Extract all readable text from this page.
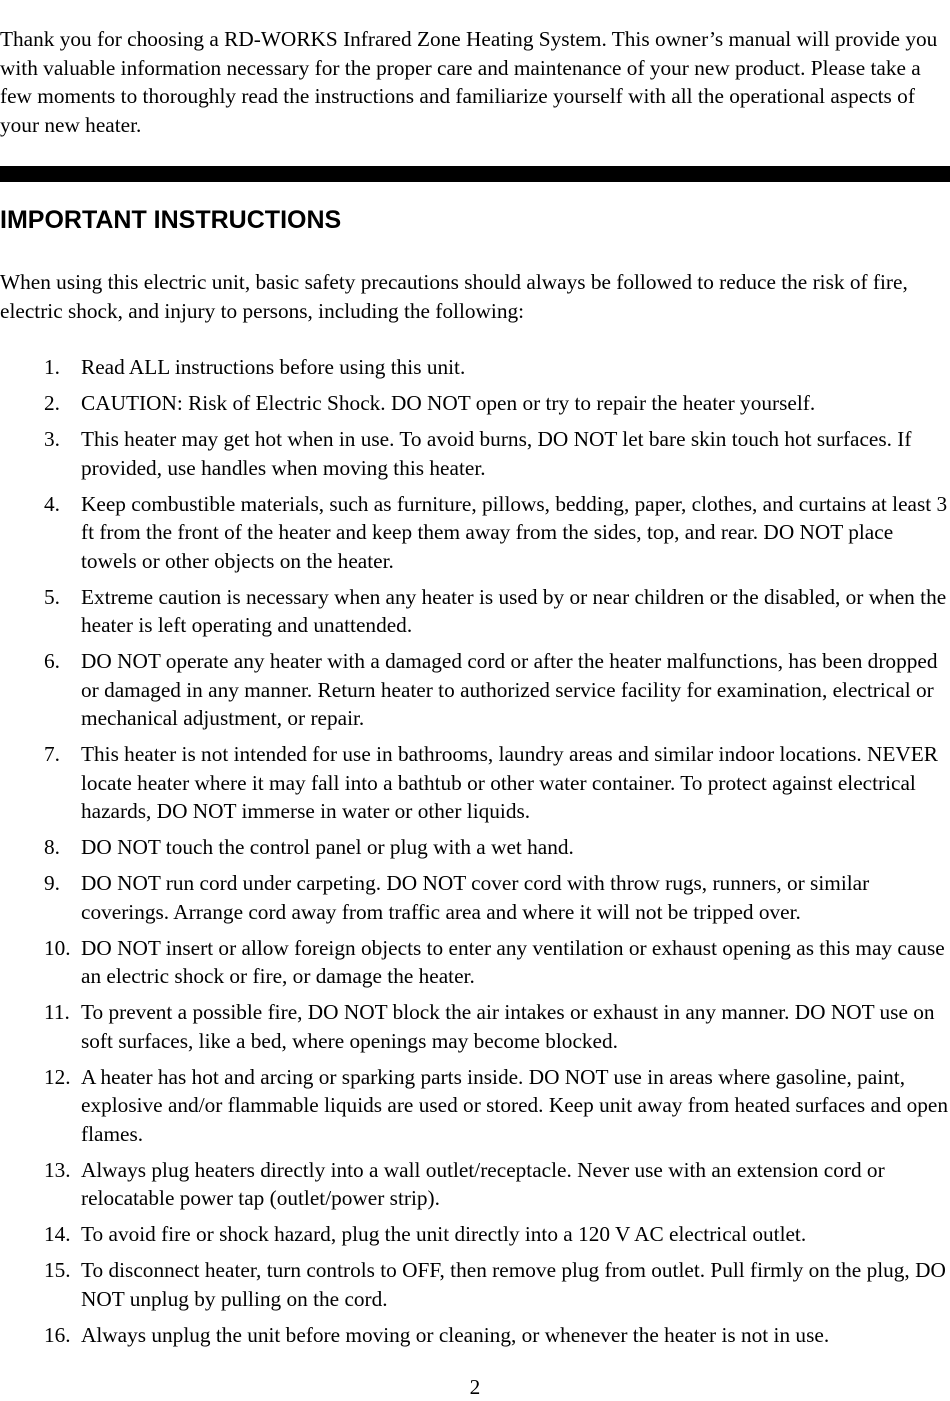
Thank you for choosing a RD-WORKS Infrared Zone Heating System. This owner’s manual will provide you with valuable information necessary for the proper care and maintenance of your new product. Please take a few moments to thoroughly read the instructions and familiarize yourself with all the operational aspects of your new heater.

IMPORTANT INSTRUCTIONS

When using this electric unit, basic safety precautions should always be followed to reduce the risk of fire, electric shock, and injury to persons, including the following:

1. Read ALL instructions before using this unit.
2. CAUTION: Risk of Electric Shock. DO NOT open or try to repair the heater yourself.
3. This heater may get hot when in use. To avoid burns, DO NOT let bare skin touch hot surfaces. If provided, use handles when moving this heater.
4. Keep combustible materials, such as furniture, pillows, bedding, paper, clothes, and curtains at least 3 ft from the front of the heater and keep them away from the sides, top, and rear. DO NOT place towels or other objects on the heater.
5. Extreme caution is necessary when any heater is used by or near children or the disabled, or when the heater is left operating and unattended.
6. DO NOT operate any heater with a damaged cord or after the heater malfunctions, has been dropped or damaged in any manner. Return heater to authorized service facility for examination, electrical or mechanical adjustment, or repair.
7. This heater is not intended for use in bathrooms, laundry areas and similar indoor locations. NEVER locate heater where it may fall into a bathtub or other water container. To protect against electrical hazards, DO NOT immerse in water or other liquids.
8. DO NOT touch the control panel or plug with a wet hand.
9. DO NOT run cord under carpeting. DO NOT cover cord with throw rugs, runners, or similar coverings. Arrange cord away from traffic area and where it will not be tripped over.
10. DO NOT insert or allow foreign objects to enter any ventilation or exhaust opening as this may cause an electric shock or fire, or damage the heater.
11. To prevent a possible fire, DO NOT block the air intakes or exhaust in any manner. DO NOT use on soft surfaces, like a bed, where openings may become blocked.
12. A heater has hot and arcing or sparking parts inside. DO NOT use in areas where gasoline, paint, explosive and/or flammable liquids are used or stored. Keep unit away from heated surfaces and open flames.
13. Always plug heaters directly into a wall outlet/receptacle. Never use with an extension cord or relocatable power tap (outlet/power strip).
14. To avoid fire or shock hazard, plug the unit directly into a 120 V AC electrical outlet.
15. To disconnect heater, turn controls to OFF, then remove plug from outlet. Pull firmly on the plug, DO NOT unplug by pulling on the cord.
16. Always unplug the unit before moving or cleaning, or whenever the heater is not in use.
2
